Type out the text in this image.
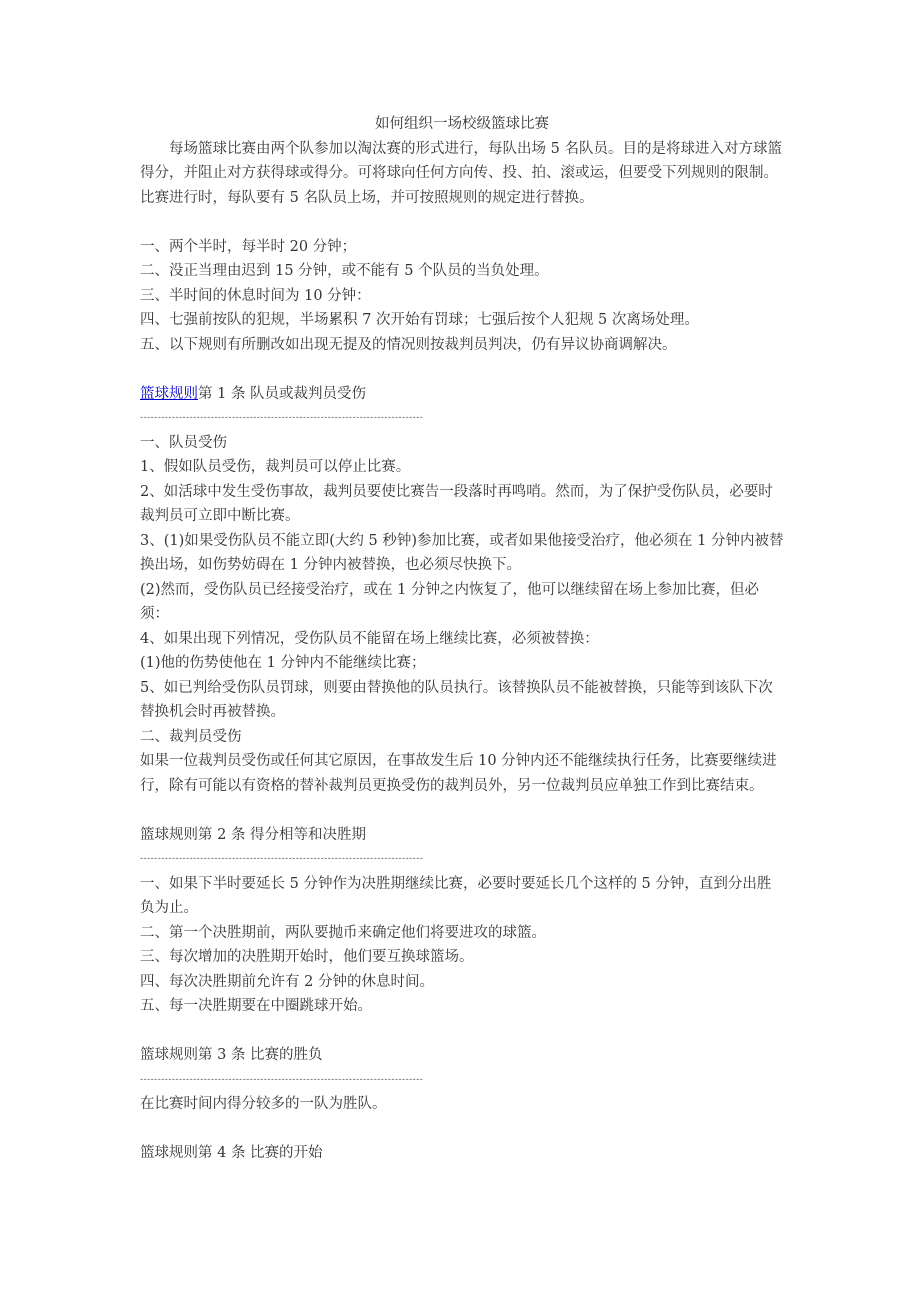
如何组织一场校级篮球比赛

每场篮球比赛由两个队参加以淘汰赛的形式进行，每队出场 5 名队员。目的是将球进入对方球篮得分，并阻止对方获得球或得分。可将球向任何方向传、投、拍、滚或运，但要受下列规则的限制。比赛进行时，每队要有 5 名队员上场，并可按照规则的规定进行替换。

一、两个半时，每半时 20 分钟；

二、没正当理由迟到 15 分钟，或不能有 5 个队员的当负处理。

三、半时间的休息时间为 10 分钟：

四、七强前按队的犯规，半场累积 7 次开始有罚球；七强后按个人犯规 5 次离场处理。

五、以下规则有所删改如出现无提及的情况则按裁判员判决，仍有异议协商调解决。

篮球规则第 1 条 队员或裁判员受伤

--------------------------------------------------------------------------------

一、队员受伤

1、假如队员受伤，裁判员可以停止比赛。

2、如活球中发生受伤事故，裁判员要使比赛告一段落时再鸣哨。然而，为了保护受伤队员，必要时裁判员可立即中断比赛。

3、(1)如果受伤队员不能立即(大约 5 秒钟)参加比赛，或者如果他接受治疗，他必须在 1 分钟内被替换出场，如伤势妨碍在 1 分钟内被替换，也必须尽快换下。

(2)然而，受伤队员已经接受治疗，或在 1 分钟之内恢复了，他可以继续留在场上参加比赛，但必须：

4、如果出现下列情况，受伤队员不能留在场上继续比赛，必须被替换：

(1)他的伤势使他在 1 分钟内不能继续比赛；

5、如已判给受伤队员罚球，则要由替换他的队员执行。该替换队员不能被替换，只能等到该队下次替换机会时再被替换。

二、裁判员受伤

如果一位裁判员受伤或任何其它原因，在事故发生后 10 分钟内还不能继续执行任务，比赛要继续进行，除有可能以有资格的替补裁判员更换受伤的裁判员外，另一位裁判员应单独工作到比赛结束。

篮球规则第 2 条 得分相等和决胜期

--------------------------------------------------------------------------------

一、如果下半时要延长 5 分钟作为决胜期继续比赛，必要时要延长几个这样的 5 分钟，直到分出胜负为止。

二、第一个决胜期前，两队要抛币来确定他们将要进攻的球篮。

三、每次增加的决胜期开始时，他们要互换球篮场。

四、每次决胜期前允许有 2 分钟的休息时间。

五、每一决胜期要在中圈跳球开始。

篮球规则第 3 条 比赛的胜负

--------------------------------------------------------------------------------

在比赛时间内得分较多的一队为胜队。

篮球规则第 4 条 比赛的开始
